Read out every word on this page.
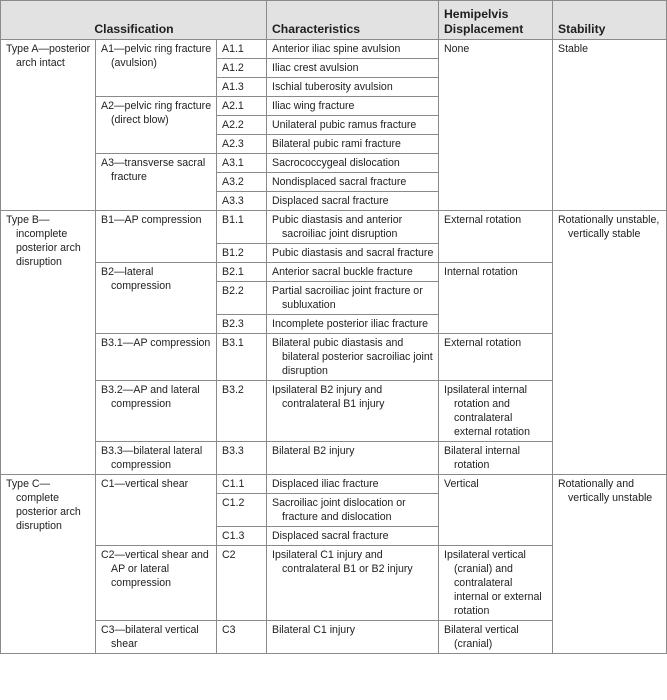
Classification			Characteristics	Hemipelvis Displacement	Stability

Type A—posterior arch intact	A1—pelvic ring fracture (avulsion)	A1.1	Anterior iliac spine avulsion	None	Stable

		A1.2	Iliac crest avulsion		

		A1.3	Ischial tuberosity avulsion		

	A2—pelvic ring fracture (direct blow)	A2.1	Iliac wing fracture		

		A2.2	Unilateral pubic ramus fracture		

		A2.3	Bilateral pubic rami fracture		

	A3—transverse sacral fracture	A3.1	Sacrococcygeal dislocation		

		A3.2	Nondisplaced sacral fracture		

		A3.3	Displaced sacral fracture		

Type B—incomplete posterior arch disruption	B1—AP compression	B1.1	Pubic diastasis and anterior sacroiliac joint disruption	External rotation	Rotationally unstable, vertically stable

		B1.2	Pubic diastasis and sacral fracture		

	B2—lateral compression	B2.1	Anterior sacral buckle fracture	Internal rotation	

		B2.2	Partial sacroiliac joint fracture or subluxation		

		B2.3	Incomplete posterior iliac fracture		

	B3.1—AP compression	B3.1	Bilateral pubic diastasis and bilateral posterior sacroiliac joint disruption	External rotation	

	B3.2—AP and lateral compression	B3.2	Ipsilateral B2 injury and contralateral B1 injury	Ipsilateral internal rotation and contralateral external rotation	

	B3.3—bilateral lateral compression	B3.3	Bilateral B2 injury	Bilateral internal rotation	

Type C—complete posterior arch disruption	C1—vertical shear	C1.1	Displaced iliac fracture	Vertical	Rotationally and vertically unstable

		C1.2	Sacroiliac joint dislocation or fracture and dislocation		

		C1.3	Displaced sacral fracture		

	C2—vertical shear and AP or lateral compression	C2	Ipsilateral C1 injury and contralateral B1 or B2 injury	Ipsilateral vertical (cranial) and contralateral internal or external rotation	

	C3—bilateral vertical shear	C3	Bilateral C1 injury	Bilateral vertical (cranial)	
